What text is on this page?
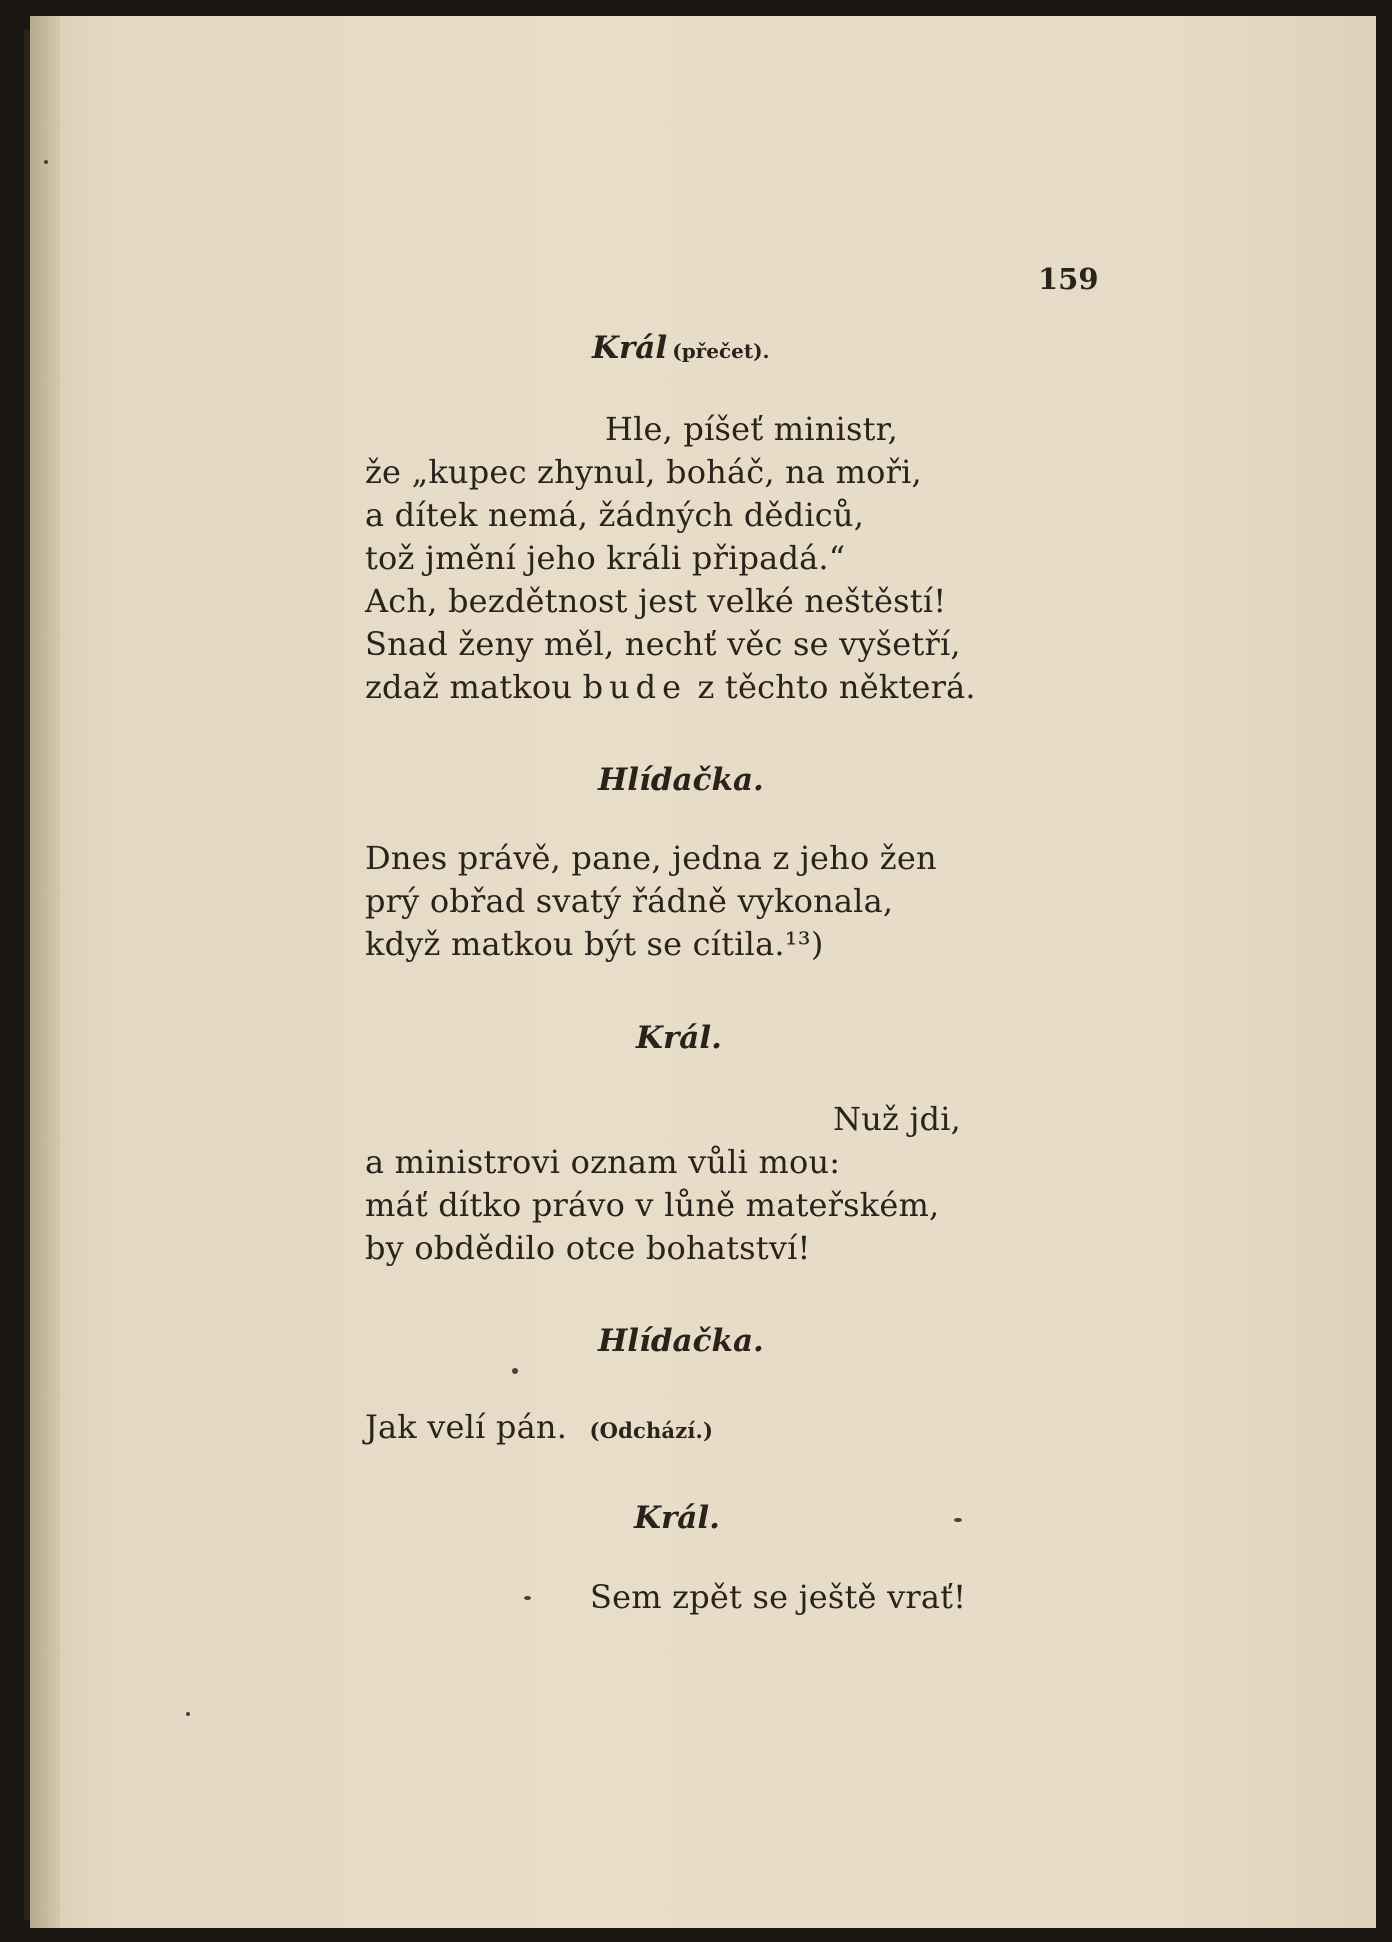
159
Král (přečet).
Hle, píšeť ministr,
že „kupec zhynul, boháč, na moři,
a dítek nemá, žádných dědiců,
tož jmění jeho králi připadá.“
Ach, bezdětnost jest velké neštěstí!
Snad ženy měl, nechť věc se vyšetří,
zdaž matkou bude z těchto některá.
Hlídačka.
Dnes právě, pane, jedna z jeho žen
prý obřad svatý řádně vykonala,
když matkou být se cítila.¹³)
Král.
Nuž jdi,
a ministrovi oznam vůli mou:
máť dítko právo v lůně mateřském,
by obdědilo otce bohatství!
Hlídačka.
Jak velí pán. (Odchází.)
Král.
Sem zpět se ještě vrať!
